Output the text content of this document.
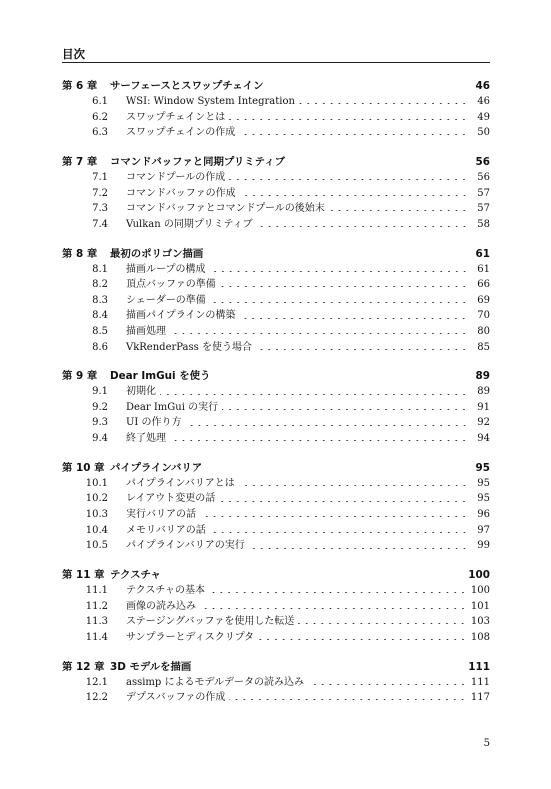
目次
第 6 章	サーフェースとスワップチェイン	46
6.1	WSI: Window System Integration	46
6.2	スワップチェインとは	49
6.3	スワップチェインの作成	50
第 7 章	コマンドバッファと同期プリミティブ	56
7.1	コマンドプールの作成	56
7.2	コマンドバッファの作成	57
7.3	コマンドバッファとコマンドプールの後始末	57
7.4	Vulkan の同期プリミティブ	58
第 8 章	最初のポリゴン描画	61
8.1	描画ループの構成	61
8.2	頂点バッファの準備	66
8.3	シェーダーの準備	69
8.4	描画パイプラインの構築	70
8.5	描画処理	80
8.6	VkRenderPass を使う場合	85
第 9 章	Dear ImGui を使う	89
9.1	初期化	89
9.2	Dear ImGui の実行	91
9.3	UI の作り方	92
9.4	終了処理	94
第 10 章 パイプラインバリア	95
10.1	パイプラインバリアとは	95
10.2	レイアウト変更の話	95
10.3	実行バリアの話	96
10.4	メモリバリアの話	97
10.5	パイプラインバリアの実行	99
第 11 章 テクスチャ	100
11.1	テクスチャの基本	100
11.2	画像の読み込み	101
11.3	ステージングバッファを使用した転送	103
11.4	サンプラーとディスクリプタ	108
第 12 章 3D モデルを描画	111
12.1	assimp によるモデルデータの読み込み	111
12.2	デプスバッファの作成	117
5
